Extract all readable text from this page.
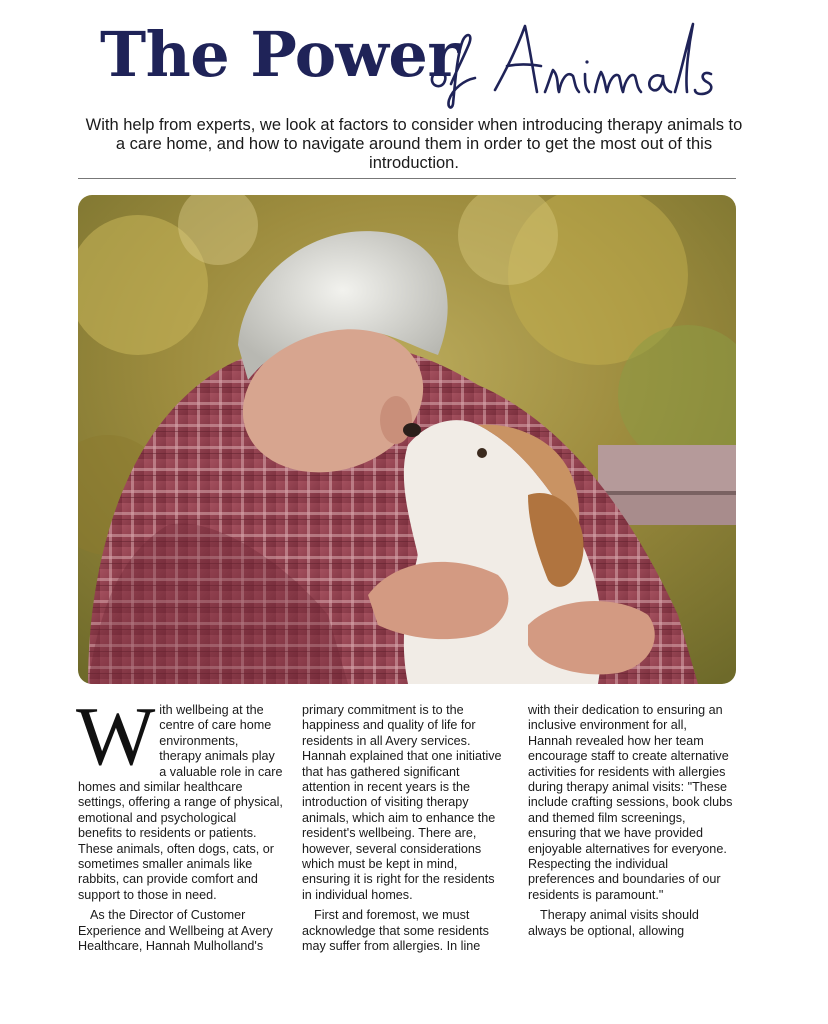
The Power
of Animals
With help from experts, we look at factors to consider when introducing therapy animals to a care home, and how to navigate around them in order to get the most out of this introduction.

With wellbeing at the centre of care home environments, therapy animals play a valuable role in care homes and similar healthcare settings, offering a range of physical, emotional and psychological benefits to residents or patients. These animals, often dogs, cats, or sometimes smaller animals like rabbits, can provide comfort and support to those in need.

As the Director of Customer Experience and Wellbeing at Avery Healthcare, Hannah Mulholland's

primary commitment is to the happiness and quality of life for residents in all Avery services. Hannah explained that one initiative that has gathered significant attention in recent years is the introduction of visiting therapy animals, which aim to enhance the resident's wellbeing. There are, however, several considerations which must be kept in mind, ensuring it is right for the residents in individual homes.

First and foremost, we must acknowledge that some residents may suffer from allergies. In line

with their dedication to ensuring an inclusive environment for all, Hannah revealed how her team encourage staff to create alternative activities for residents with allergies during therapy animal visits: "These include crafting sessions, book clubs and themed film screenings, ensuring that we have provided enjoyable alternatives for everyone. Respecting the individual preferences and boundaries of our residents is paramount."

Therapy animal visits should always be optional, allowing
